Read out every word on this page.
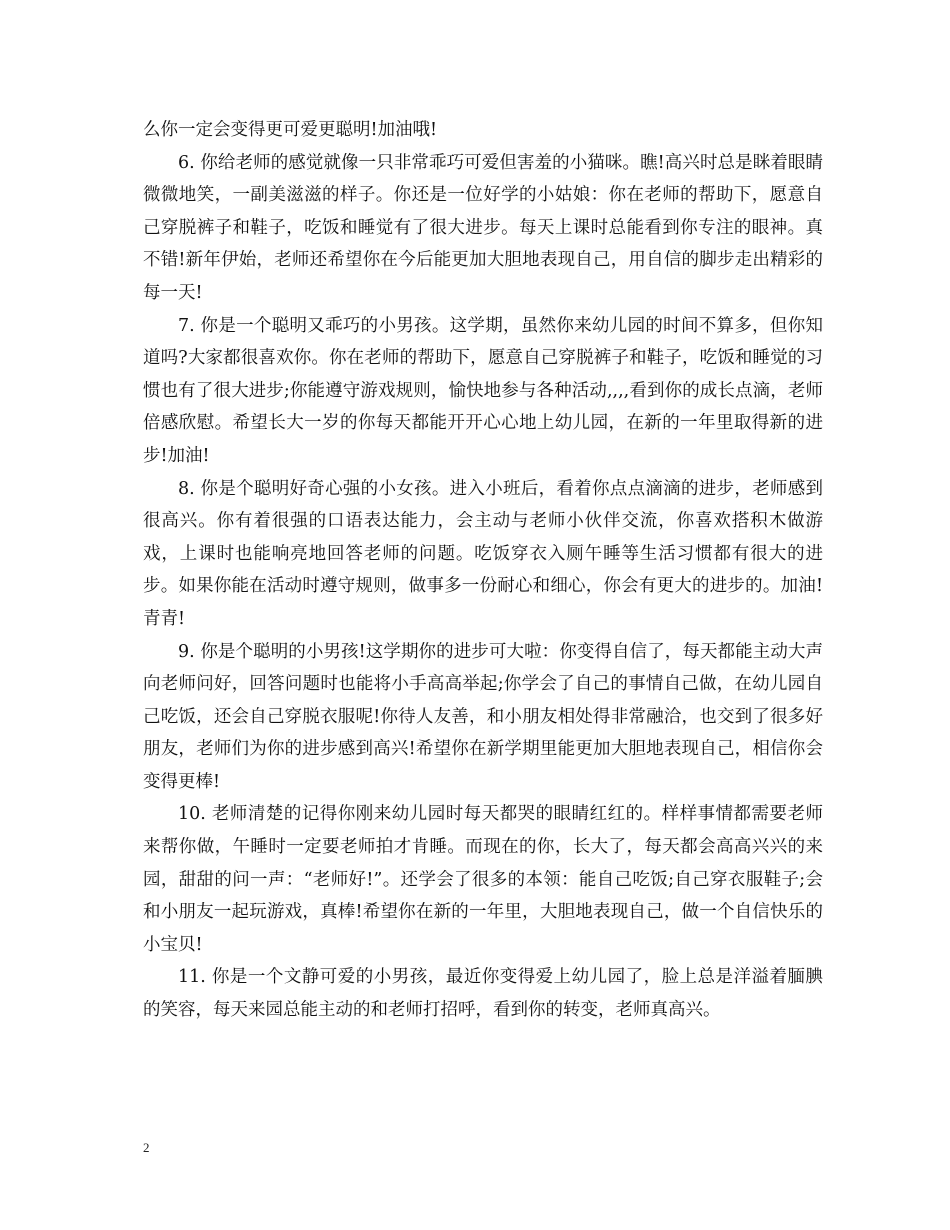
么你一定会变得更可爱更聪明!加油哦!

6. 你给老师的感觉就像一只非常乖巧可爱但害羞的小猫咪。瞧!高兴时总是眯着眼睛微微地笑，一副美滋滋的样子。你还是一位好学的小姑娘：你在老师的帮助下，愿意自己穿脱裤子和鞋子，吃饭和睡觉有了很大进步。每天上课时总能看到你专注的眼神。真不错!新年伊始，老师还希望你在今后能更加大胆地表现自己，用自信的脚步走出精彩的每一天!

7. 你是一个聪明又乖巧的小男孩。这学期，虽然你来幼儿园的时间不算多，但你知道吗?大家都很喜欢你。你在老师的帮助下，愿意自己穿脱裤子和鞋子，吃饭和睡觉的习惯也有了很大进步;你能遵守游戏规则，愉快地参与各种活动,,,,看到你的成长点滴，老师倍感欣慰。希望长大一岁的你每天都能开开心心地上幼儿园，在新的一年里取得新的进步!加油!

8. 你是个聪明好奇心强的小女孩。进入小班后，看着你点点滴滴的进步，老师感到很高兴。你有着很强的口语表达能力，会主动与老师小伙伴交流，你喜欢搭积木做游戏，上课时也能响亮地回答老师的问题。吃饭穿衣入厕午睡等生活习惯都有很大的进步。如果你能在活动时遵守规则，做事多一份耐心和细心，你会有更大的进步的。加油!青青!

9. 你是个聪明的小男孩!这学期你的进步可大啦：你变得自信了，每天都能主动大声向老师问好，回答问题时也能将小手高高举起;你学会了自己的事情自己做，在幼儿园自己吃饭，还会自己穿脱衣服呢!你待人友善，和小朋友相处得非常融洽，也交到了很多好朋友，老师们为你的进步感到高兴!希望你在新学期里能更加大胆地表现自己，相信你会变得更棒!

10. 老师清楚的记得你刚来幼儿园时每天都哭的眼睛红红的。样样事情都需要老师来帮你做，午睡时一定要老师拍才肯睡。而现在的你，长大了，每天都会高高兴兴的来园，甜甜的问一声：“老师好!”。还学会了很多的本领：能自己吃饭;自己穿衣服鞋子;会和小朋友一起玩游戏，真棒!希望你在新的一年里，大胆地表现自己，做一个自信快乐的小宝贝!

11. 你是一个文静可爱的小男孩，最近你变得爱上幼儿园了，脸上总是洋溢着腼腆的笑容，每天来园总能主动的和老师打招呼，看到你的转变，老师真高兴。

2
